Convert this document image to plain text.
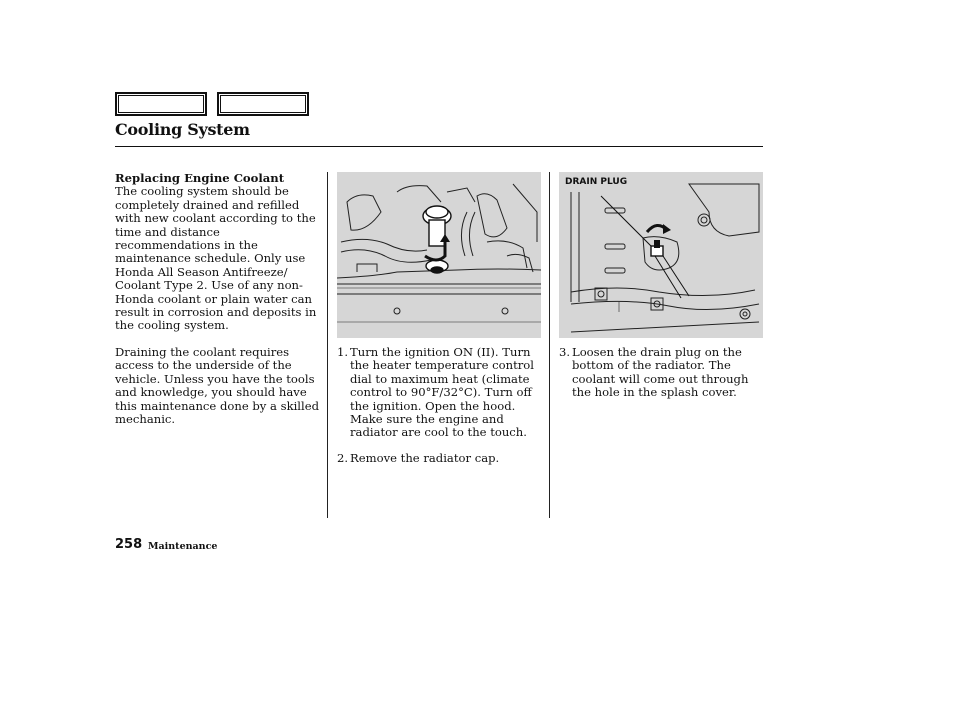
Cooling System

Replacing Engine Coolant

The cooling system should be completely drained and refilled with new coolant according to the time and distance recommendations in the maintenance schedule. Only use Honda All Season Antifreeze/ Coolant Type 2. Use of any non-Honda coolant or plain water can result in corrosion and deposits in the cooling system.

Draining the coolant requires access to the underside of the vehicle. Unless you have the tools and knowledge, you should have this maintenance done by a skilled mechanic.

DRAIN PLUG
1. Turn the ignition ON (II). Turn the heater temperature control dial to maximum heat (climate control to 90°F/32°C). Turn off the ignition. Open the hood. Make sure the engine and radiator are cool to the touch.
2. Remove the radiator cap.
3. Loosen the drain plug on the bottom of the radiator. The coolant will come out through the hole in the splash cover.
258 Maintenance
